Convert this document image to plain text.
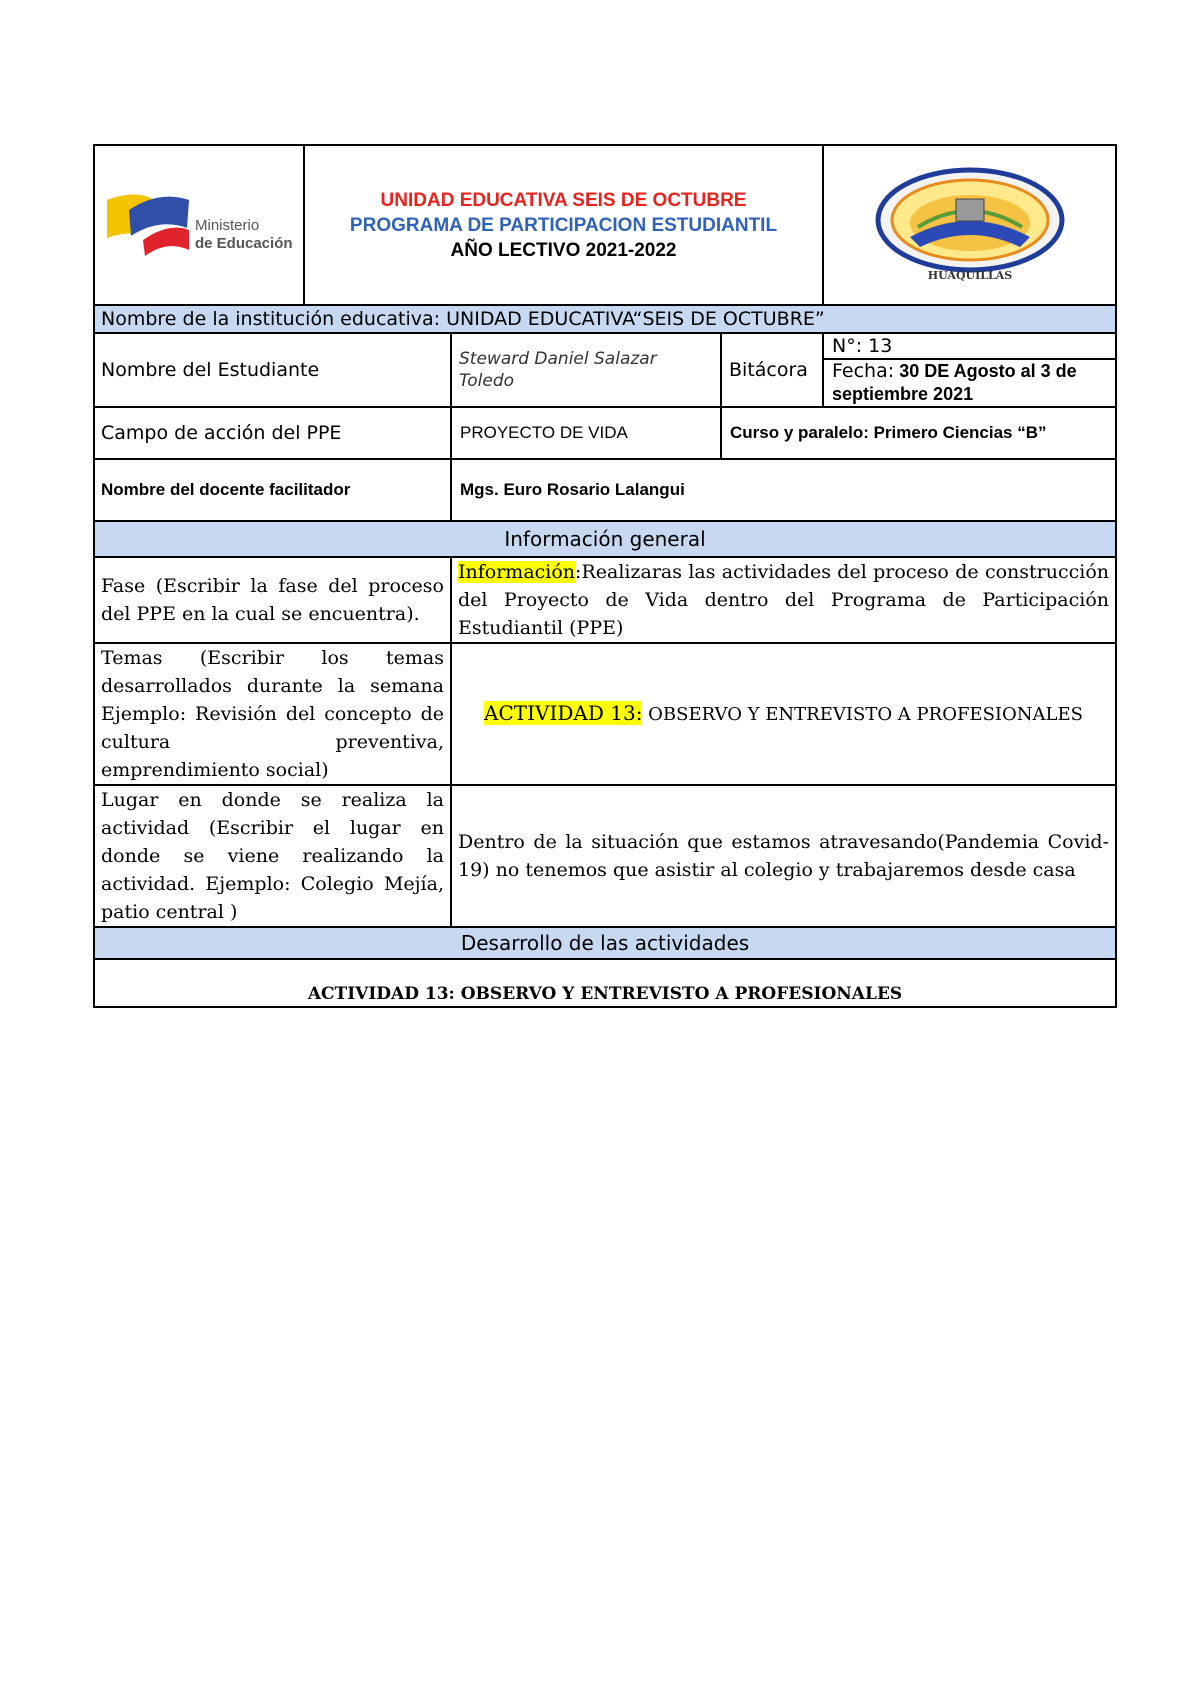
Ministerio
de Educación

UNIDAD EDUCATIVA SEIS DE OCTUBRE
PROGRAMA DE PARTICIPACION ESTUDIANTIL
AÑO LECTIVO 2021-2022

HUAQUILLAS

Nombre de la institución educativa: UNIDAD EDUCATIVA“SEIS DE OCTUBRE”
Nombre del Estudiante	Steward Daniel Salazar Toledo	Bitácora	
N°: 13
Fecha: 30 DE Agosto al 3 de septiembre 2021

Campo de acción del PPE	PROYECTO DE VIDA	Curso y paralelo: Primero Ciencias “B”
Nombre del docente facilitador	Mgs. Euro Rosario Lalangui
Información general
Fase (Escribir la fase del proceso del PPE en la cual se encuentra).	Información:Realizaras las actividades del proceso de construcción del Proyecto de Vida dentro del Programa de Participación Estudiantil (PPE)
Temas (Escribir los temas desarrollados durante la semana Ejemplo: Revisión del concepto de cultura preventiva, emprendimiento social)	ACTIVIDAD 13: OBSERVO Y ENTREVISTO A PROFESIONALES
Lugar en donde se realiza la actividad (Escribir el lugar en donde se viene realizando la actividad. Ejemplo: Colegio Mejía, patio central )	Dentro de la situación que estamos atravesando(Pandemia Covid-19) no tenemos que asistir al colegio y trabajaremos desde casa
Desarrollo de las actividades
ACTIVIDAD 13: OBSERVO Y ENTREVISTO A PROFESIONALES
